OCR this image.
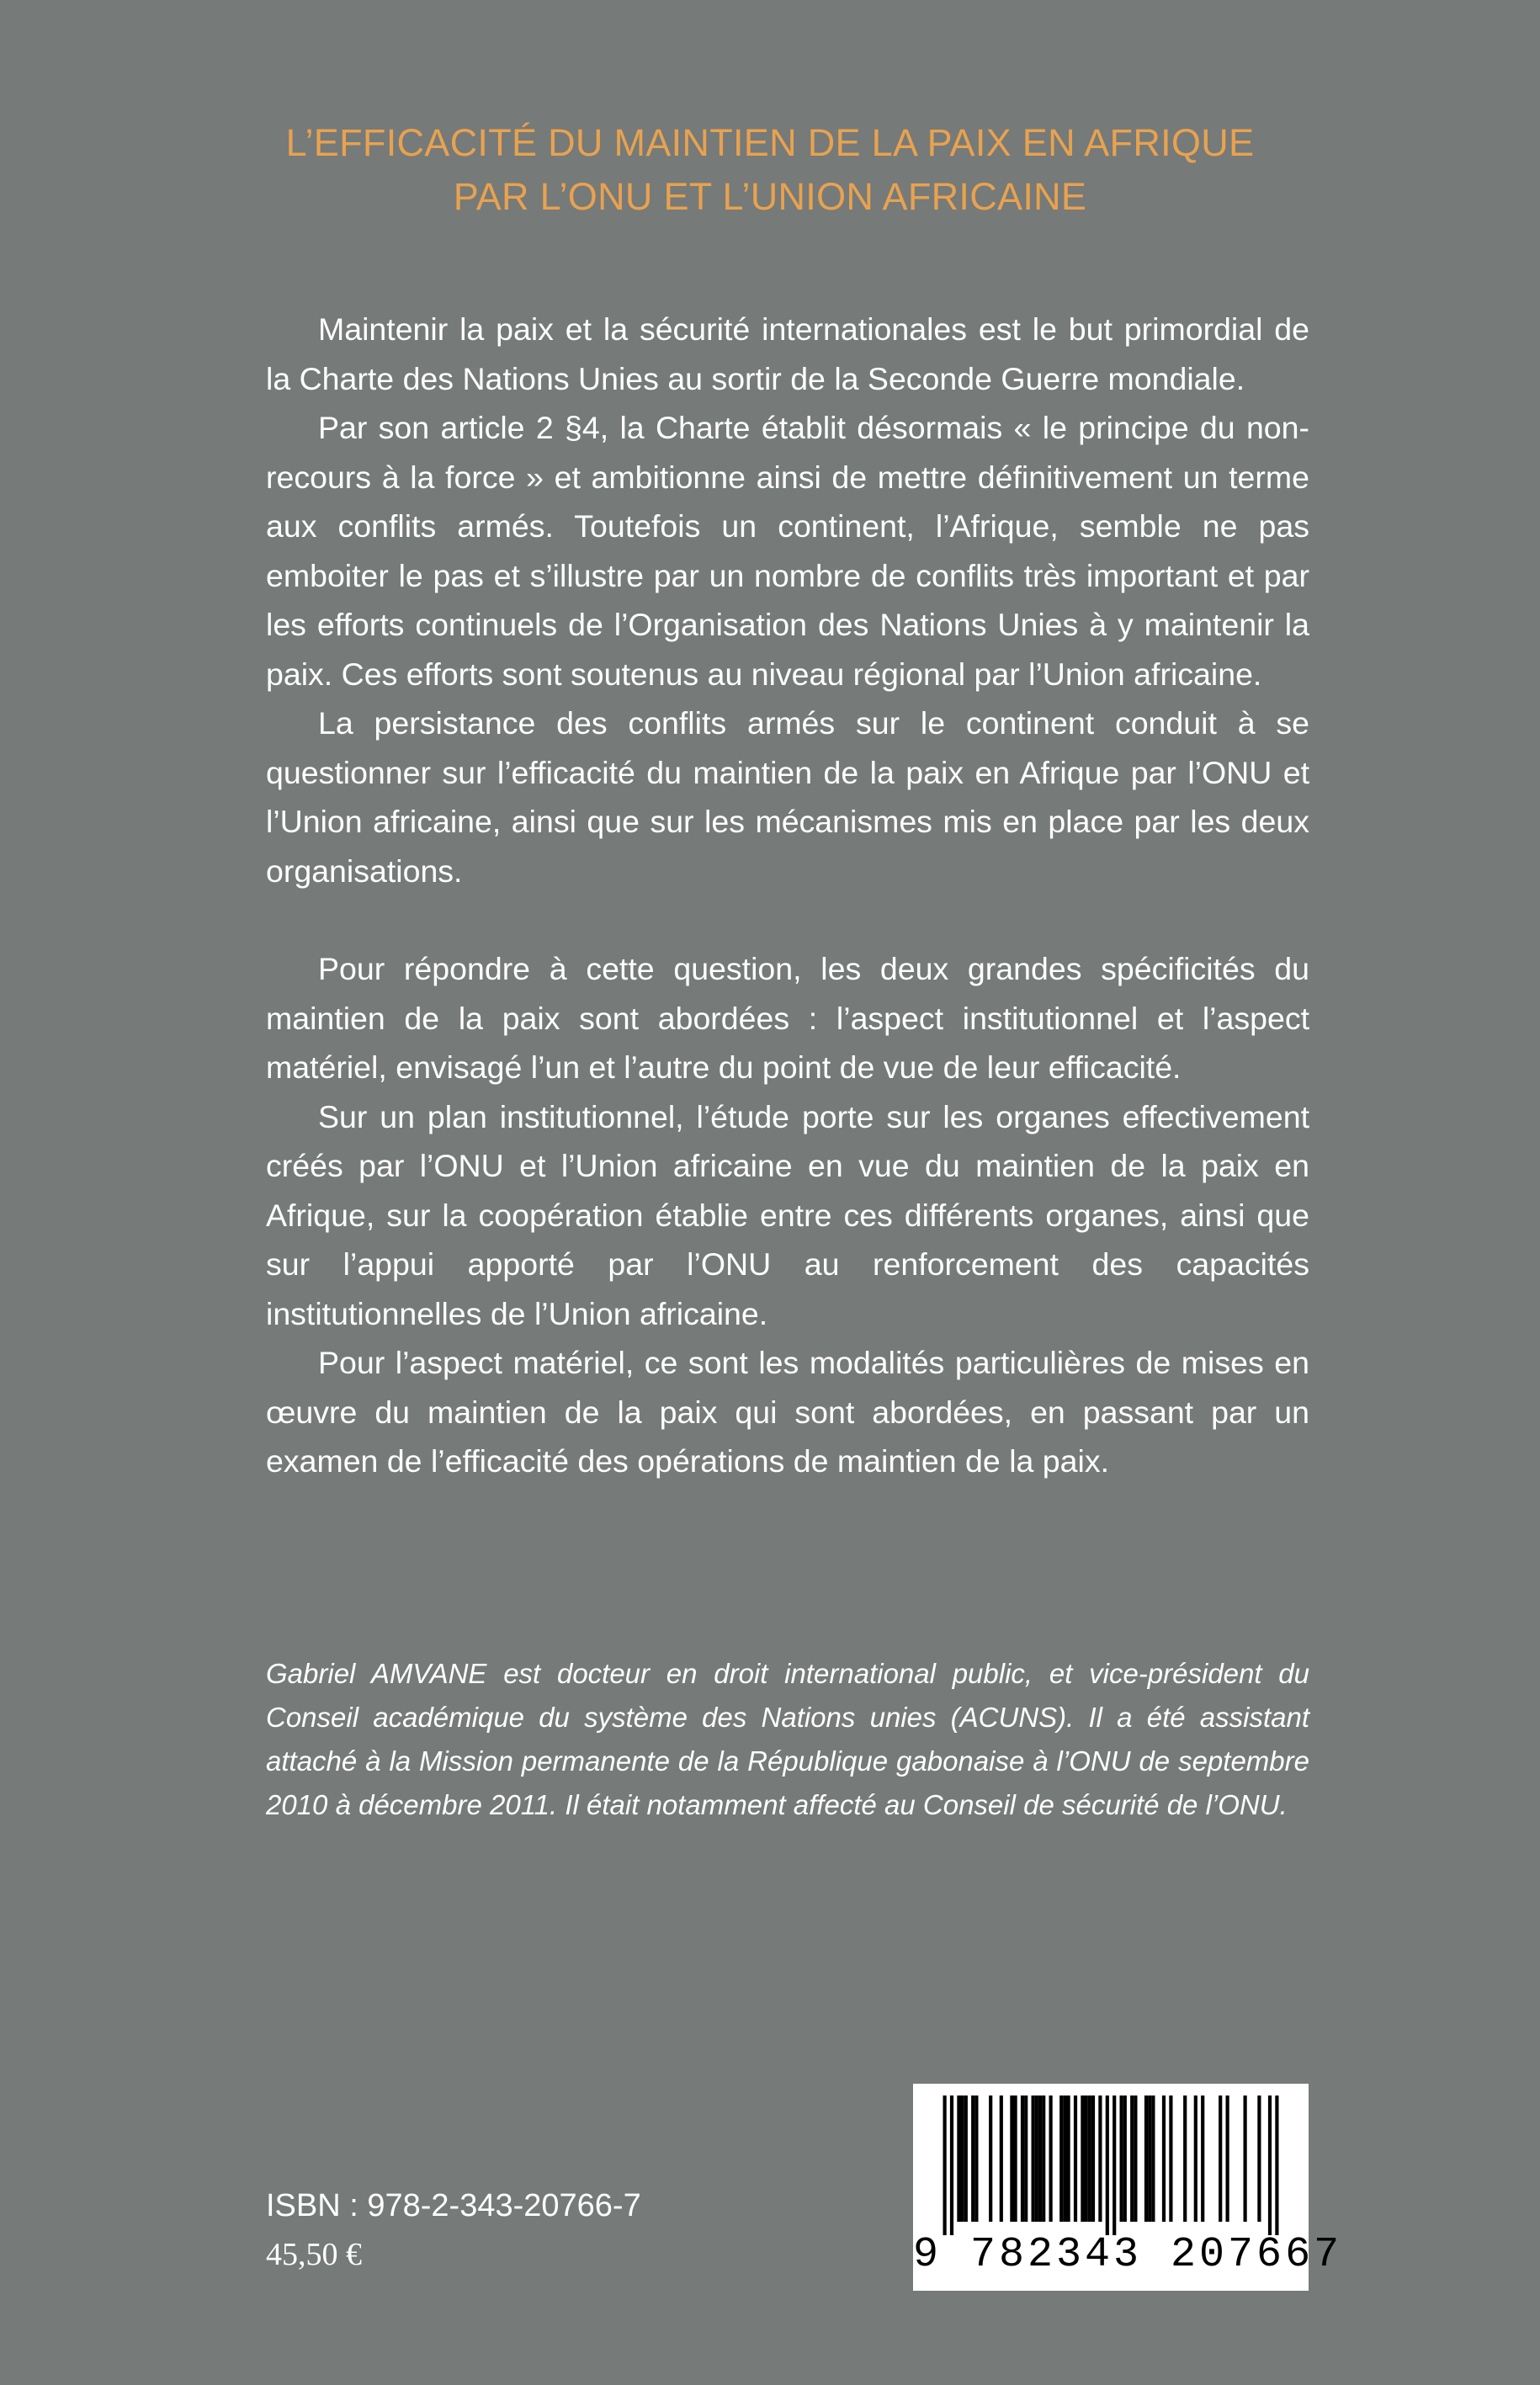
L’EFFICACITÉ DU MAINTIEN DE LA PAIX EN AFRIQUE
PAR L’ONU ET L’UNION AFRICAINE

Maintenir la paix et la sécurité internationales est le but primordial de la Charte des Nations Unies au sortir de la Seconde Guerre mondiale.

Par son article 2 §4, la Charte établit désormais « le principe du non-recours à la force » et ambitionne ainsi de mettre définitivement un terme aux conflits armés. Toutefois un continent, l’Afrique, semble ne pas emboiter le pas et s’illustre par un nombre de conflits très important et par les efforts continuels de l’Organisation des Nations Unies à y maintenir la paix. Ces efforts sont soutenus au niveau régional par l’Union africaine.

La persistance des conflits armés sur le continent conduit à se questionner sur l’efficacité du maintien de la paix en Afrique par l’ONU et l’Union africaine, ainsi que sur les mécanismes mis en place par les deux organisations.

Pour répondre à cette question, les deux grandes spécificités du maintien de la paix sont abordées : l’aspect institutionnel et l’aspect matériel, envisagé l’un et l’autre du point de vue de leur efficacité.

Sur un plan institutionnel, l’étude porte sur les organes effectivement créés par l’ONU et l’Union africaine en vue du maintien de la paix en Afrique, sur la coopération établie entre ces différents organes, ainsi que sur l’appui apporté par l’ONU au renforcement des capacités institutionnelles de l’Union africaine.

Pour l’aspect matériel, ce sont les modalités particulières de mises en œuvre du maintien de la paix qui sont abordées, en passant par un examen de l’efficacité des opérations de maintien de la paix.

Gabriel AMVANE est docteur en droit international public, et vice-président du Conseil académique du système des Nations unies (ACUNS). Il a été assistant attaché à la Mission permanente de la République gabonaise à l’ONU de septembre 2010 à décembre 2011. Il était notamment affecté au Conseil de sécurité de l’ONU.
ISBN : 978-2-343-20766-7
45,50 €	9 782343 207667
